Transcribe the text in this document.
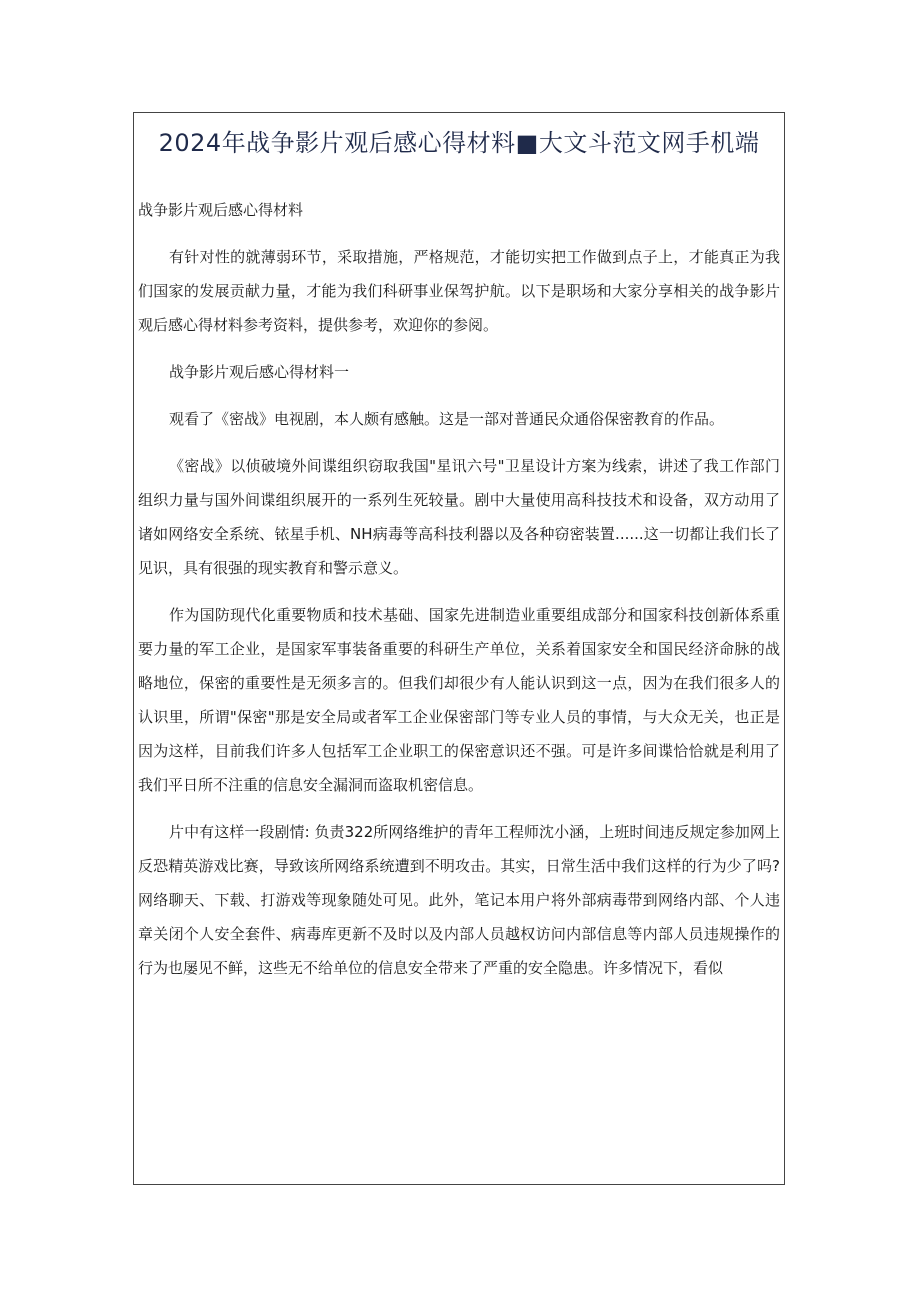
2024年战争影片观后感心得材料■大文斗范文网手机端

战争影片观后感心得材料

有针对性的就薄弱环节，采取措施，严格规范，才能切实把工作做到点子上，才能真正为我们国家的发展贡献力量，才能为我们科研事业保驾护航。以下是职场和大家分享相关的战争影片观后感心得材料参考资料，提供参考，欢迎你的参阅。

战争影片观后感心得材料一

观看了《密战》电视剧，本人颇有感触。这是一部对普通民众通俗保密教育的作品。

《密战》以侦破境外间谍组织窃取我国"星讯六号"卫星设计方案为线索，讲述了我工作部门组织力量与国外间谍组织展开的一系列生死较量。剧中大量使用高科技技术和设备，双方动用了诸如网络安全系统、铱星手机、NH病毒等高科技利器以及各种窃密装置......这一切都让我们长了见识，具有很强的现实教育和警示意义。

作为国防现代化重要物质和技术基础、国家先进制造业重要组成部分和国家科技创新体系重要力量的军工企业，是国家军事装备重要的科研生产单位，关系着国家安全和国民经济命脉的战略地位，保密的重要性是无须多言的。但我们却很少有人能认识到这一点，因为在我们很多人的认识里，所谓"保密"那是安全局或者军工企业保密部门等专业人员的事情，与大众无关，也正是因为这样，目前我们许多人包括军工企业职工的保密意识还不强。可是许多间谍恰恰就是利用了我们平日所不注重的信息安全漏洞而盗取机密信息。

片中有这样一段剧情: 负责322所网络维护的青年工程师沈小涵，上班时间违反规定参加网上反恐精英游戏比赛，导致该所网络系统遭到不明攻击。其实，日常生活中我们这样的行为少了吗?网络聊天、下载、打游戏等现象随处可见。此外，笔记本用户将外部病毒带到网络内部、个人违章关闭个人安全套件、病毒库更新不及时以及内部人员越权访问内部信息等内部人员违规操作的行为也屡见不鲜，这些无不给单位的信息安全带来了严重的安全隐患。许多情况下，看似
